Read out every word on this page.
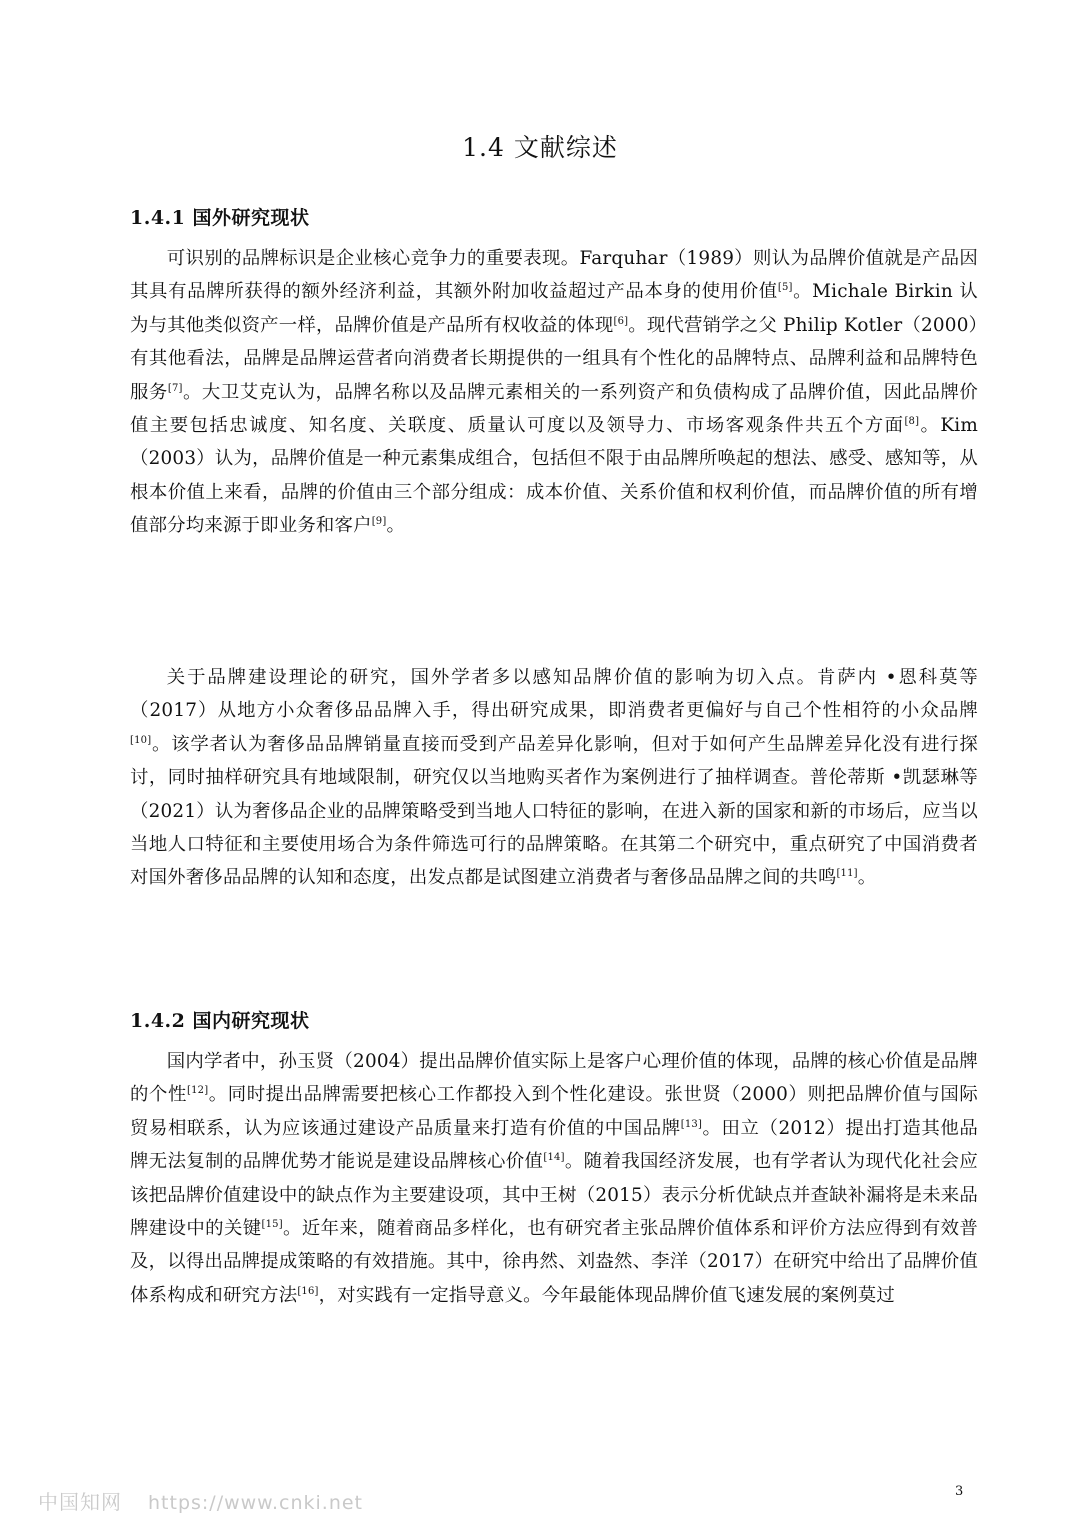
1.4 文献综述
1.4.1 国外研究现状

可识别的品牌标识是企业核心竞争力的重要表现。Farquhar（1989）则认为品牌价值就是产品因其具有品牌所获得的额外经济利益，其额外附加收益超过产品本身的使用价值[5]。Michale Birkin 认为与其他类似资产一样，品牌价值是产品所有权收益的体现[6]。现代营销学之父 Philip Kotler（2000）有其他看法，品牌是品牌运营者向消费者长期提供的一组具有个性化的品牌特点、品牌利益和品牌特色服务[7]。大卫艾克认为，品牌名称以及品牌元素相关的一系列资产和负债构成了品牌价值，因此品牌价值主要包括忠诚度、知名度、关联度、质量认可度以及领导力、市场客观条件共五个方面[8]。Kim（2003）认为，品牌价值是一种元素集成组合，包括但不限于由品牌所唤起的想法、感受、感知等，从根本价值上来看，品牌的价值由三个部分组成：成本价值、关系价值和权利价值，而品牌价值的所有增值部分均来源于即业务和客户[9]。

关于品牌建设理论的研究，国外学者多以感知品牌价值的影响为切入点。肯萨内 •恩科莫等（2017）从地方小众奢侈品品牌入手，得出研究成果，即消费者更偏好与自己个性相符的小众品牌[10]。该学者认为奢侈品品牌销量直接而受到产品差异化影响，但对于如何产生品牌差异化没有进行探讨，同时抽样研究具有地域限制，研究仅以当地购买者作为案例进行了抽样调查。普伦蒂斯 •凯瑟琳等（2021）认为奢侈品企业的品牌策略受到当地人口特征的影响，在进入新的国家和新的市场后，应当以当地人口特征和主要使用场合为条件筛选可行的品牌策略。在其第二个研究中，重点研究了中国消费者对国外奢侈品品牌的认知和态度，出发点都是试图建立消费者与奢侈品品牌之间的共鸣[11]。

1.4.2 国内研究现状

国内学者中，孙玉贤（2004）提出品牌价值实际上是客户心理价值的体现，品牌的核心价值是品牌的个性[12]。同时提出品牌需要把核心工作都投入到个性化建设。张世贤（2000）则把品牌价值与国际贸易相联系，认为应该通过建设产品质量来打造有价值的中国品牌[13]。田立（2012）提出打造其他品牌无法复制的品牌优势才能说是建设品牌核心价值[14]。随着我国经济发展，也有学者认为现代化社会应该把品牌价值建设中的缺点作为主要建设项，其中王树（2015）表示分析优缺点并查缺补漏将是未来品牌建设中的关键[15]。近年来，随着商品多样化，也有研究者主张品牌价值体系和评价方法应得到有效普及，以得出品牌提成策略的有效措施。其中，徐冉然、刘盎然、李洋（2017）在研究中给出了品牌价值体系构成和研究方法[16]，对实践有一定指导意义。今年最能体现品牌价值飞速发展的案例莫过

3
中国知网 https://www.cnki.net
